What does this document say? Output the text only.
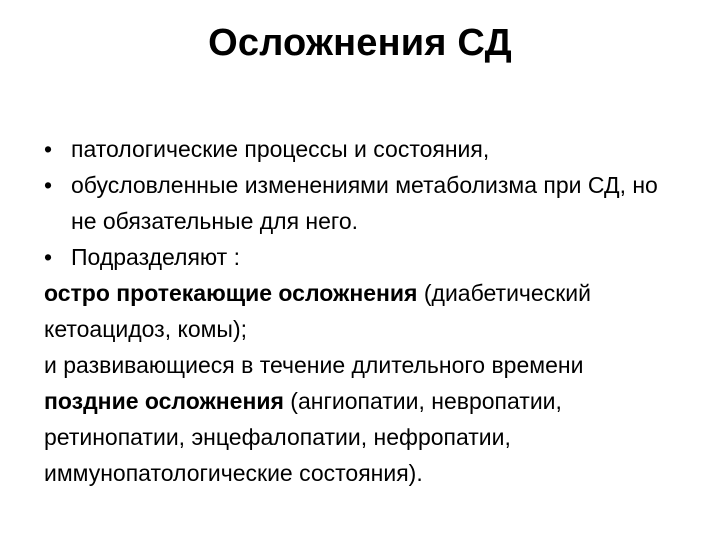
Осложнения СД
• патологические процессы и состояния,
• обусловленные изменениями метаболизма при СД, но не обязательные для него.
• Подразделяют :

остро протекающие осложнения (диабетический кетоацидоз, комы);

и развивающиеся в течение длительного времени

поздние осложнения (ангиопатии, невропатии, ретинопатии, энцефалопатии, нефропатии, иммунопатологические состояния).
